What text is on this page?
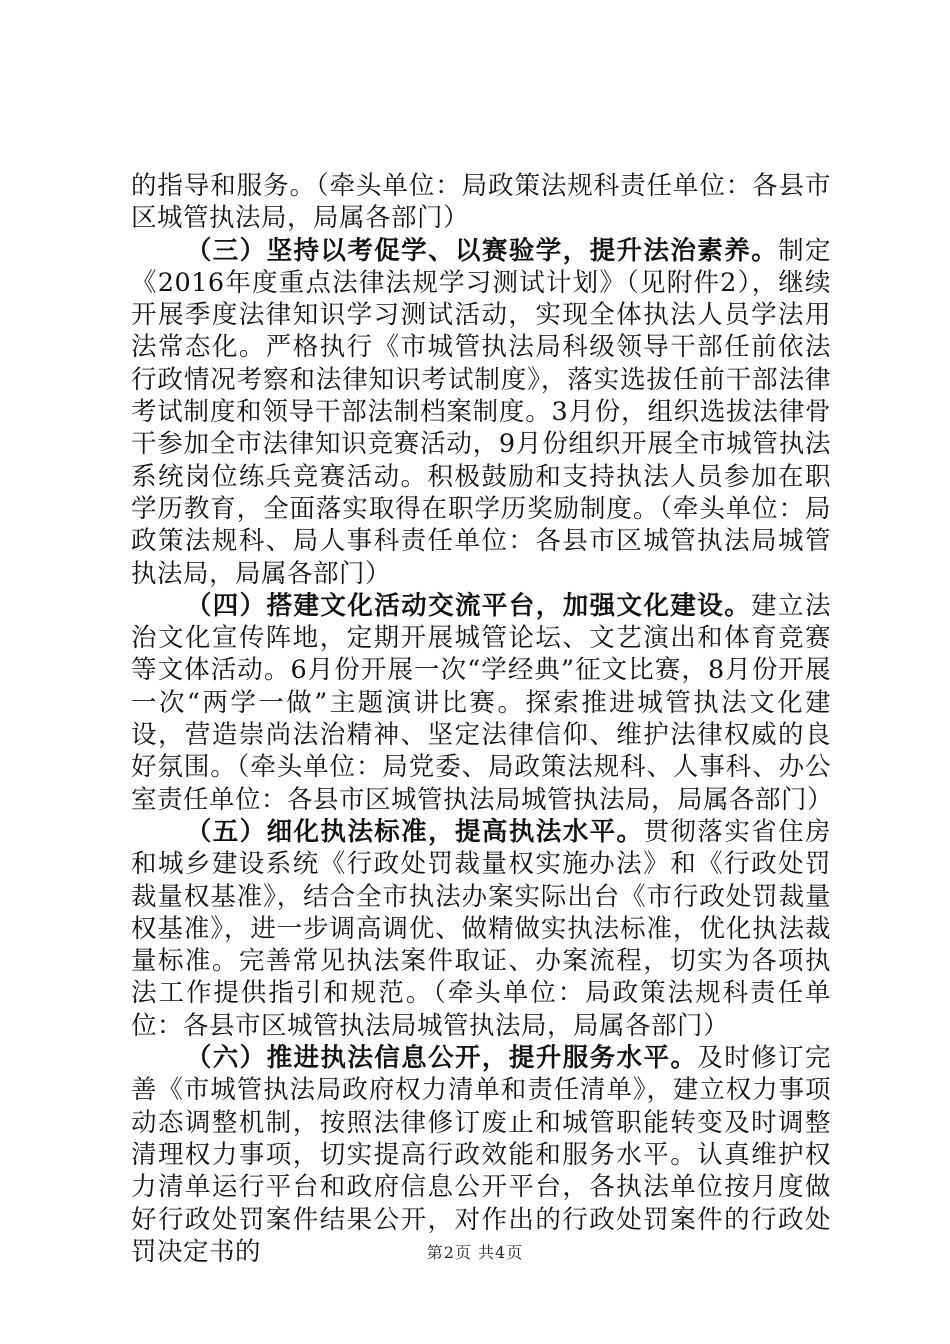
的指导和服务。（牵头单位：局政策法规科责任单位：各县市区城管执法局，局属各部门）

（三）坚持以考促学、以赛验学，提升法治素养。制定《2016年度重点法律法规学习测试计划》（见附件2），继续开展季度法律知识学习测试活动，实现全体执法人员学法用法常态化。严格执行《市城管执法局科级领导干部任前依法行政情况考察和法律知识考试制度》，落实选拔任前干部法律考试制度和领导干部法制档案制度。3月份，组织选拔法律骨干参加全市法律知识竞赛活动，9月份组织开展全市城管执法系统岗位练兵竞赛活动。积极鼓励和支持执法人员参加在职学历教育，全面落实取得在职学历奖励制度。（牵头单位：局政策法规科、局人事科责任单位：各县市区城管执法局城管执法局，局属各部门）

（四）搭建文化活动交流平台，加强文化建设。建立法治文化宣传阵地，定期开展城管论坛、文艺演出和体育竞赛等文体活动。6月份开展一次“学经典”征文比赛，8月份开展一次“两学一做”主题演讲比赛。探索推进城管执法文化建设，营造崇尚法治精神、坚定法律信仰、维护法律权威的良好氛围。（牵头单位：局党委、局政策法规科、人事科、办公室责任单位：各县市区城管执法局城管执法局，局属各部门）

（五）细化执法标准，提高执法水平。贯彻落实省住房和城乡建设系统《行政处罚裁量权实施办法》和《行政处罚裁量权基准》，结合全市执法办案实际出台《市行政处罚裁量权基准》，进一步调高调优、做精做实执法标准，优化执法裁量标准。完善常见执法案件取证、办案流程，切实为各项执法工作提供指引和规范。（牵头单位：局政策法规科责任单位：各县市区城管执法局城管执法局，局属各部门）

（六）推进执法信息公开，提升服务水平。及时修订完善《市城管执法局政府权力清单和责任清单》，建立权力事项动态调整机制，按照法律修订废止和城管职能转变及时调整清理权力事项，切实提高行政效能和服务水平。认真维护权力清单运行平台和政府信息公开平台，各执法单位按月度做好行政处罚案件结果公开，对作出的行政处罚案件的行政处罚决定书的	第2页 共4页
